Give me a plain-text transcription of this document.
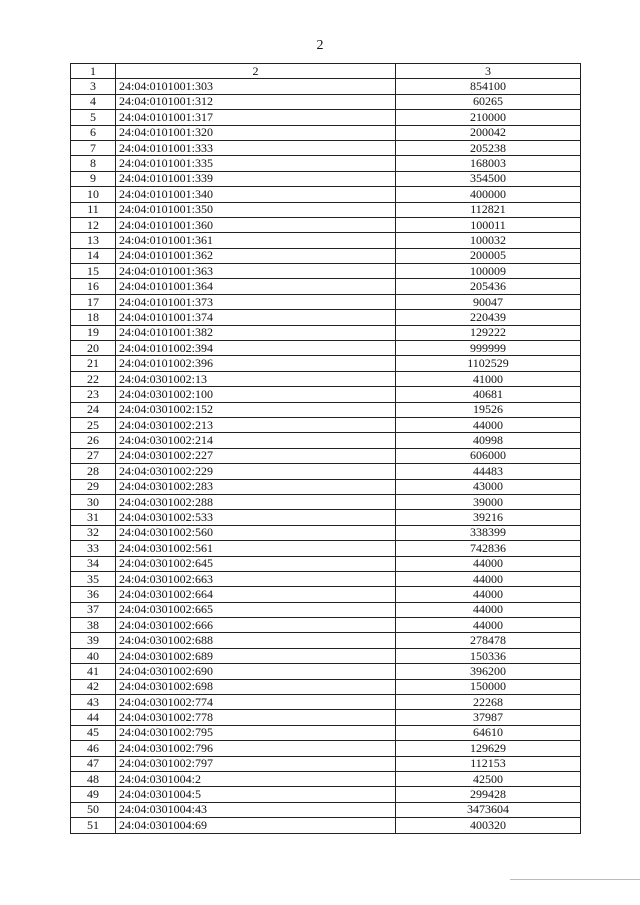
2
1	2	3
3	24:04:0101001:303	854100
4	24:04:0101001:312	60265
5	24:04:0101001:317	210000
6	24:04:0101001:320	200042
7	24:04:0101001:333	205238
8	24:04:0101001:335	168003
9	24:04:0101001:339	354500
10	24:04:0101001:340	400000
11	24:04:0101001:350	112821
12	24:04:0101001:360	100011
13	24:04:0101001:361	100032
14	24:04:0101001:362	200005
15	24:04:0101001:363	100009
16	24:04:0101001:364	205436
17	24:04:0101001:373	90047
18	24:04:0101001:374	220439
19	24:04:0101001:382	129222
20	24:04:0101002:394	999999
21	24:04:0101002:396	1102529
22	24:04:0301002:13	41000
23	24:04:0301002:100	40681
24	24:04:0301002:152	19526
25	24:04:0301002:213	44000
26	24:04:0301002:214	40998
27	24:04:0301002:227	606000
28	24:04:0301002:229	44483
29	24:04:0301002:283	43000
30	24:04:0301002:288	39000
31	24:04:0301002:533	39216
32	24:04:0301002:560	338399
33	24:04:0301002:561	742836
34	24:04:0301002:645	44000
35	24:04:0301002:663	44000
36	24:04:0301002:664	44000
37	24:04:0301002:665	44000
38	24:04:0301002:666	44000
39	24:04:0301002:688	278478
40	24:04:0301002:689	150336
41	24:04:0301002:690	396200
42	24:04:0301002:698	150000
43	24:04:0301002:774	22268
44	24:04:0301002:778	37987
45	24:04:0301002:795	64610
46	24:04:0301002:796	129629
47	24:04:0301002:797	112153
48	24:04:0301004:2	42500
49	24:04:0301004:5	299428
50	24:04:0301004:43	3473604
51	24:04:0301004:69	400320
